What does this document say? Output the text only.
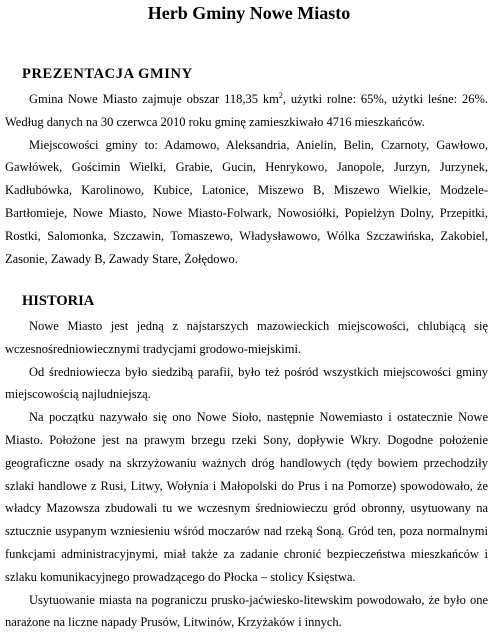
Herb Gminy Nowe Miasto
PREZENTACJA GMINY

Gmina Nowe Miasto zajmuje obszar 118,35 $km^2$, użytki rolne: 65%, użytki leśne: 26%. Według danych na 30 czerwca 2010 roku gminę zamieszkiwało 4716 mieszkańców.

Miejscowości gminy to: Adamowo, Aleksandria, Anielin, Belin, Czarnoty, Gawłowo, Gawłówek, Gościmin Wielki, Grabie, Gucin, Henrykowo, Janopole, Jurzyn, Jurzynek, Kadłubówka, Karolinowo, Kubice, Latonice, Miszewo B, Miszewo Wielkie, Modzele-Bartłomieje, Nowe Miasto, Nowe Miasto-Folwark, Nowosiółki, Popielżyn Dolny, Przepitki, Rostki, Salomonka, Szczawin, Tomaszewo, Władysławowo, Wólka Szczawińska, Zakobiel, Zasonie, Zawady B, Zawady Stare, Żołędowo.

HISTORIA

Nowe Miasto jest jedną z najstarszych mazowieckich miejscowości, chlubiącą się wczesnośredniowiecznymi tradycjami grodowo-miejskimi.

Od średniowiecza było siedzibą parafii, było też pośród wszystkich miejscowości gminy miejscowością najludniejszą.

Na początku nazywało się ono Nowe Sioło, następnie Nowemiasto i ostatecznie Nowe Miasto. Położone jest na prawym brzegu rzeki Sony, dopływie Wkry. Dogodne położenie geograficzne osady na skrzyżowaniu ważnych dróg handlowych (tędy bowiem przechodziły szlaki handlowe z Rusi, Litwy, Wołynia i Małopolski do Prus i na Pomorze) spowodowało, że władcy Mazowsza zbudowali tu we wczesnym średniowieczu gród obronny, usytuowany na sztucznie usypanym wzniesieniu wśród moczarów nad rzeką Soną. Gród ten, poza normalnymi funkcjami administracyjnymi, miał także za zadanie chronić bezpieczeństwa mieszkańców i szlaku komunikacyjnego prowadzącego do Płocka – stolicy Księstwa.

Usytuowanie miasta na pograniczu prusko-jaćwiesko-litewskim powodowało, że było one narażone na liczne napady Prusów, Litwinów, Krzyżaków i innych.
